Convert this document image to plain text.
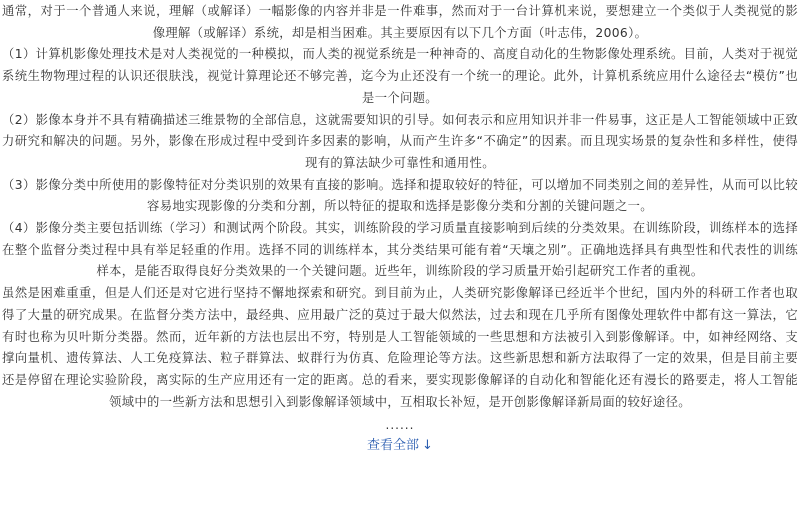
通常，对于一个普通人来说，理解（或解译）一幅影像的内容并非是一件难事，然而对于一台计算机来说，要想建立一个类似于人类视觉的影像理解（或解译）系统，却是相当困难。其主要原因有以下几个方面（叶志伟，2006）。

（1）计算机影像处理技术是对人类视觉的一种模拟，而人类的视觉系统是一种神奇的、高度自动化的生物影像处理系统。目前，人类对于视觉系统生物物理过程的认识还很肤浅，视觉计算理论还不够完善，迄今为止还没有一个统一的理论。此外，计算机系统应用什么途径去“模仿”也是一个问题。

（2）影像本身并不具有精确描述三维景物的全部信息，这就需要知识的引导。如何表示和应用知识并非一件易事，这正是人工智能领域中正致力研究和解决的问题。另外，影像在形成过程中受到许多因素的影响，从而产生许多“不确定”的因素。而且现实场景的复杂性和多样性，使得现有的算法缺少可靠性和通用性。

（3）影像分类中所使用的影像特征对分类识别的效果有直接的影响。选择和提取较好的特征，可以增加不同类别之间的差异性，从而可以比较容易地实现影像的分类和分割，所以特征的提取和选择是影像分类和分割的关键问题之一。

（4）影像分类主要包括训练（学习）和测试两个阶段。其实，训练阶段的学习质量直接影响到后续的分类效果。在训练阶段，训练样本的选择在整个监督分类过程中具有举足轻重的作用。选择不同的训练样本，其分类结果可能有着“天壤之别”。正确地选择具有典型性和代表性的训练样本，是能否取得良好分类效果的一个关键问题。近些年，训练阶段的学习质量开始引起研究工作者的重视。

虽然是困难重重，但是人们还是对它进行坚持不懈地探索和研究。到目前为止，人类研究影像解译已经近半个世纪，国内外的科研工作者也取得了大量的研究成果。在监督分类方法中，最经典、应用最广泛的莫过于最大似然法，过去和现在几乎所有图像处理软件中都有这一算法，它有时也称为贝叶斯分类器。然而，近年新的方法也层出不穷，特别是人工智能领域的一些思想和方法被引入到影像解译。中，如神经网络、支撑向量机、遗传算法、人工免疫算法、粒子群算法、蚁群行为仿真、危险理论等方法。这些新思想和新方法取得了一定的效果，但是目前主要还是停留在理论实验阶段，离实际的生产应用还有一定的距离。总的看来，要实现影像解译的自动化和智能化还有漫长的路要走，将人工智能领域中的一些新方法和思想引入到影像解译领域中，互相取长补短，是开创影像解译新局面的较好途径。

......
查看全部 ↓
